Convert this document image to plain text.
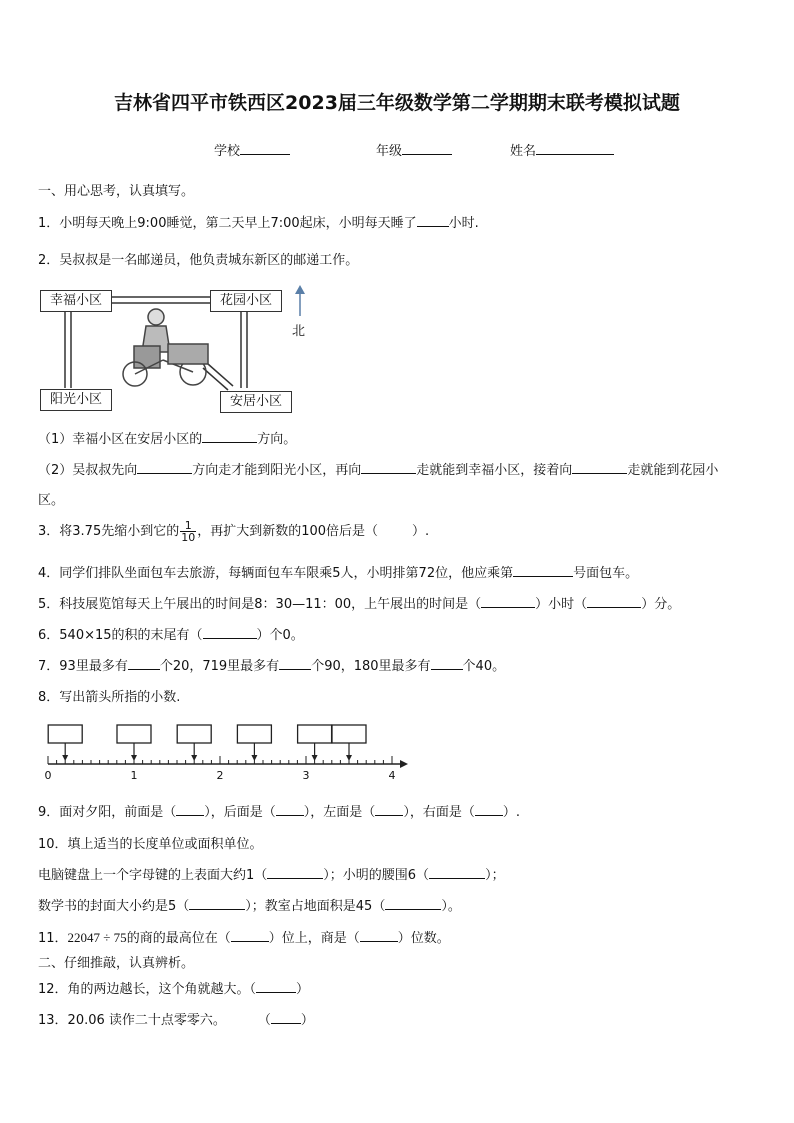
吉林省四平市铁西区2023届三年级数学第二学期期末联考模拟试题
学校	年级	姓名
一、用心思考，认真填写。
1．小明每天晚上9:00睡觉，第二天早上7:00起床，小明每天睡了 小时.
2．吴叔叔是一名邮递员，他负责城东新区的邮递工作。
幸福小区	花园小区
阳光小区	安居小区
北
（1）幸福小区在安居小区的	方向。
（2）吴叔叔先向	方向走才能到阳光小区，再向	走就能到幸福小区，接着向	走就能到花园小
区。
3．将3.75先缩小到它的 $\frac{1}{10}$ ，再扩大到新数的100倍后是（	）.
4．同学们排队坐面包车去旅游，每辆面包车车限乘5人，小明排第72位，他应乘第	号面包车。
5．科技展览馆每天上午展出的时间是8：30—11：00，上午展出的时间是（	）小时（	）分。
6．540×15的积的末尾有（	）个0。
7．93里最多有 个20，719里最多有 个90，180里最多有 个40。
8．写出箭头所指的小数.
0	1	2	3	4
9．面对夕阳，前面是（ ），后面是（ ），左面是（ ），右面是（ ）.
10．填上适当的长度单位或面积单位。
电脑键盘上一个字母键的上表面大约1（	）；小明的腰围6（	）；
数学书的封面大小约是5（	）；教室占地面积是45（	）。
11．22047 ÷ 75的商的最高位在（	）位上，商是（	）位数。
二、仔细推敲，认真辨析。
12．角的两边越长，这个角就越大。（	）
13．20.06 读作二十点零零六。 （ ）
